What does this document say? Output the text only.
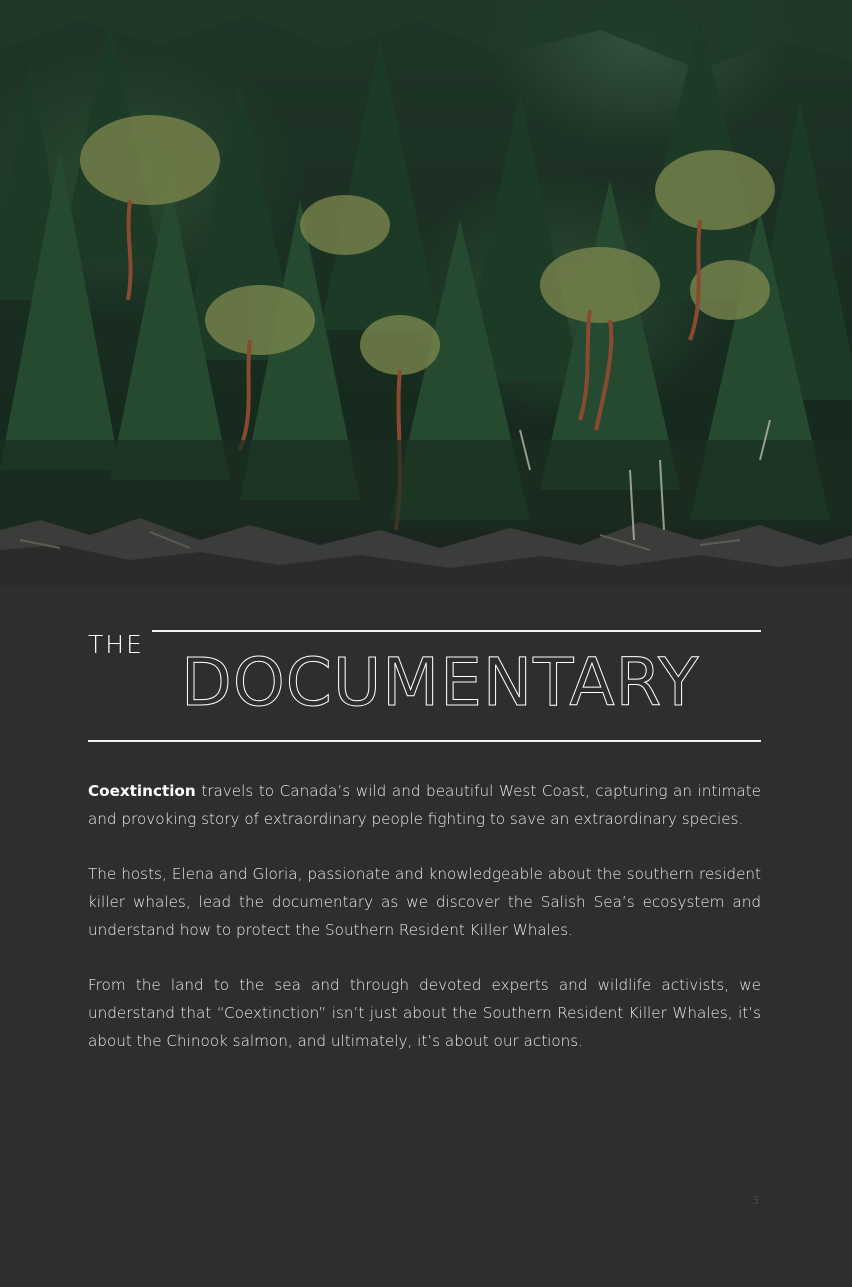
THE DOCUMENTARY

Coextinction travels to Canada’s wild and beautiful West Coast, capturing an intimate and provoking story of extraordinary people fighting to save an extraordinary species.

The hosts, Elena and Gloria, passionate and knowledgeable about the southern resident killer whales, lead the documentary as we discover the Salish Sea’s ecosystem and understand how to protect the Southern Resident Killer Whales.

From the land to the sea and through devoted experts and wildlife activists, we understand that “Coextinction” isn’t just about the Southern Resident Killer Whales, it’s about the Chinook salmon, and ultimately, it’s about our actions.

3
